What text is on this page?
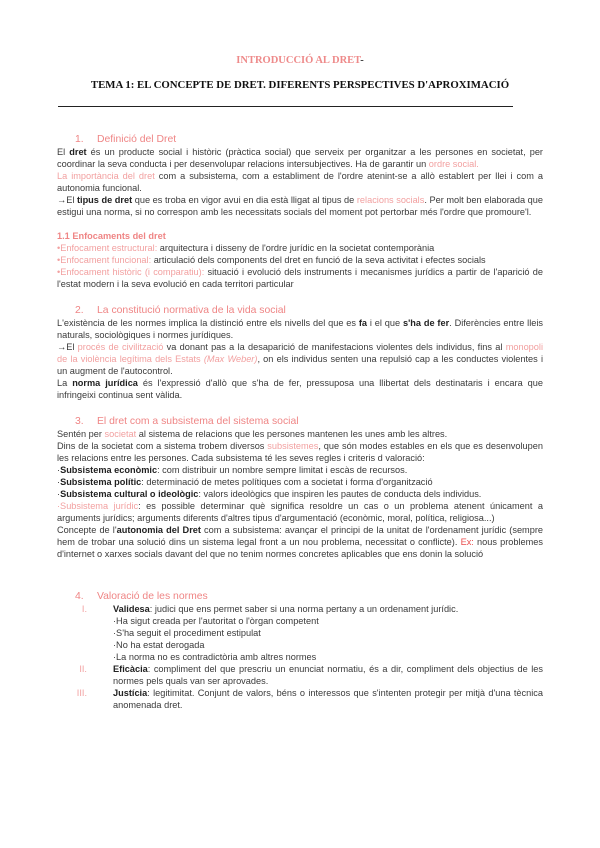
INTRODUCCIÓ AL DRET-
TEMA 1: EL CONCEPTE DE DRET. DIFERENTS PERSPECTIVES D'APROXIMACIÓ
1. Definició del Dret
El dret és un producte social i històric (pràctica social) que serveix per organitzar a les persones en societat, per coordinar la seva conducta i per desenvolupar relacions intersubjectives. Ha de garantir un ordre social.
La importància del dret com a subsistema, com a establiment de l'ordre atenint-se a allò establert per llei i com a autonomia funcional.
→El tipus de dret que es troba en vigor avui en dia està lligat al tipus de relacions socials. Per molt ben elaborada que estigui una norma, si no correspon amb les necessitats socials del moment pot pertorbar més l'ordre que promoure'l.
1.1 Enfocaments del dret
•Enfocament estructural: arquitectura i disseny de l'ordre jurídic en la societat contemporània
•Enfocament funcional: articulació dels components del dret en funció de la seva activitat i efectes socials
•Enfocament històric (i comparatiu): situació i evolució dels instruments i mecanismes jurídics a partir de l'aparició de l'estat modern i la seva evolució en cada territori particular
2. La constitució normativa de la vida social
L'existència de les normes implica la distinció entre els nivells del que es fa i el que s'ha de fer. Diferències entre lleis naturals, sociològiques i normes jurídiques.
→El procés de civilització va donant pas a la desaparició de manifestacions violentes dels individus, fins al monopoli de la violència legítima dels Estats (Max Weber), on els individus senten una repulsió cap a les conductes violentes i un augment de l'autocontrol.
La norma jurídica és l'expressió d'allò que s'ha de fer, pressuposa una llibertat dels destinataris i encara que infringeixi continua sent vàlida.
3. El dret com a subsistema del sistema social
Sentén per societat al sistema de relacions que les persones mantenen les unes amb les altres.
Dins de la societat com a sistema trobem diversos subsistemes, que són modes estables en els que es desenvolupen les relacions entre les persones. Cada subsistema té les seves regles i criteris d valoració:
·Subsistema econòmic: com distribuir un nombre sempre limitat i escàs de recursos.
·Subsistema polític: determinació de metes polítiques com a societat i forma d'organització
·Subsistema cultural o ideològic: valors ideològics que inspiren les pautes de conducta dels individus.
·Subsistema jurídic: es possible determinar què significa resoldre un cas o un problema atenent únicament a arguments jurídics; arguments diferents d'altres tipus d'argumentació (econòmic, moral, política, religiosa...)
Concepte de l'autonomia del Dret com a subsistema: avançar el principi de la unitat de l'ordenament jurídic (sempre hem de trobar una solució dins un sistema legal front a un nou problema, necessitat o conflicte). Ex: nous problemes d'internet o xarxes socials davant del que no tenim normes concretes aplicables que ens donin la solució
4. Valoració de les normes
I.	Validesa: judici que ens permet saber si una norma pertany a un ordenament jurídic.
·Ha sigut creada per l'autoritat o l'òrgan competent
·S'ha seguit el procediment estipulat
·No ha estat derogada
·La norma no es contradictòria amb altres normes
II.	Eficàcia: compliment del que prescriu un enunciat normatiu, és a dir, compliment dels objectius de les normes pels quals van ser aprovades.
III.	Justícia: legitimitat. Conjunt de valors, béns o interessos que s'intenten protegir per mitjà d'una tècnica anomenada dret.
